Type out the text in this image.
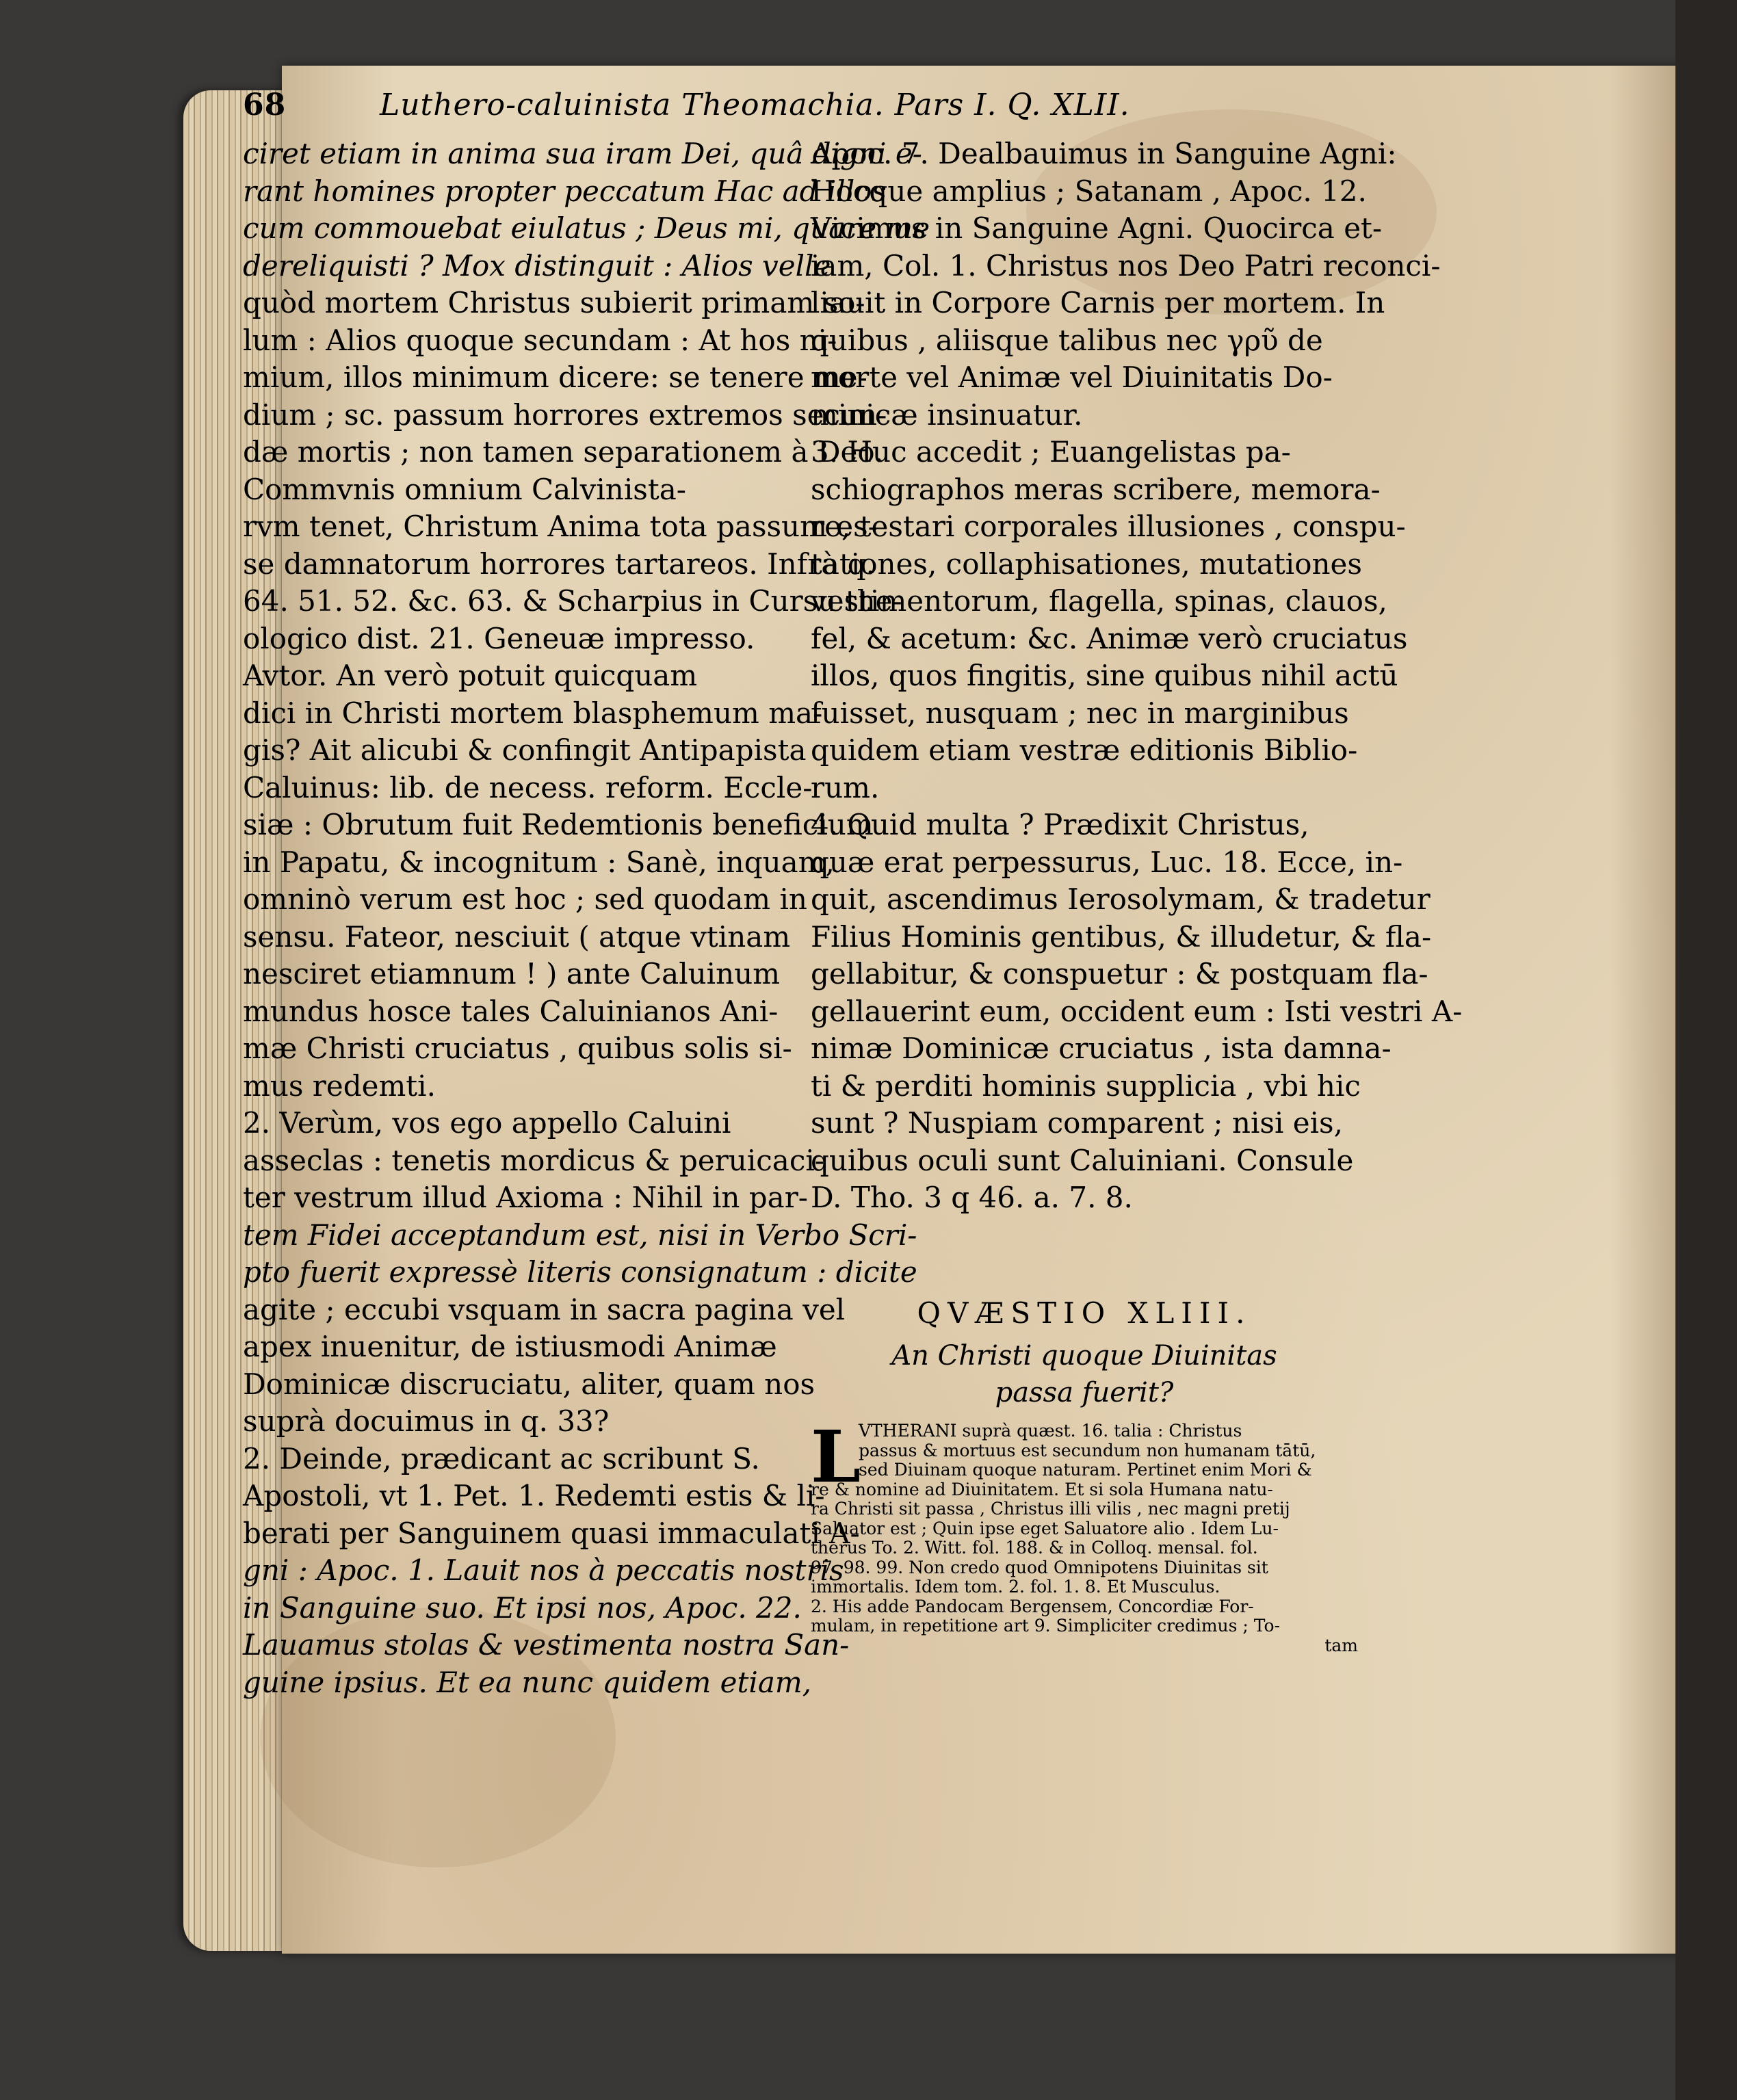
68	Luthero-caluinista Theomachia. Pars I. Q. XLII.
ciret etiam in anima sua iram Dei, quâ digni e-
rant homines propter peccatum Hac ad illos
cum commouebat eiulatus ; Deus mi, quare me
dereliquisti ? Mox distinguit : Alios velle
quòd mortem Christus subierit primam so-
lum : Alios quoque secundam : At hos ni-
mium, illos minimum dicere: se tenere me-
dium ; sc. passum horrores extremos secun-
dæ mortis ; non tamen separationem à Deo.
Commvnis omnium Calvinista-
rvm tenet, Christum Anima tota passum es-
se damnatorum horrores tartareos. Infrà q.
64. 51. 52. &c. 63. & Scharpius in Cursu the-
ologico dist. 21. Geneuæ impresso.
Avtor. An verò potuit quicquam
dici in Christi mortem blasphemum ma-
gis? Ait alicubi & confingit Antipapista
Caluinus: lib. de necess. reform. Eccle-
siæ : Obrutum fuit Redemtionis beneficium
in Papatu, & incognitum : Sanè, inquam,
omninò verum est hoc ; sed quodam in
sensu. Fateor, nesciuit ( atque vtinam
nesciret etiamnum ! ) ante Caluinum
mundus hosce tales Caluinianos Ani-
mæ Christi cruciatus , quibus solis si-
mus redemti.
2. Verùm, vos ego appello Caluini
asseclas : tenetis mordicus & peruicaci-
ter vestrum illud Axioma : Nihil in par-
tem Fidei acceptandum est, nisi in Verbo Scri-
pto fuerit expressè literis consignatum : dicite
agite ; eccubi vsquam in sacra pagina vel
apex inuenitur, de istiusmodi Animæ
Dominicæ discruciatu, aliter, quam nos
suprà docuimus in q. 33?
2. Deinde, prædicant ac scribunt S.
Apostoli, vt 1. Pet. 1. Redemti estis & li-
berati per Sanguinem quasi immaculati A-
gni : Apoc. 1. Lauit nos à peccatis nostris
in Sanguine suo. Et ipsi nos, Apoc. 22.
Lauamus stolas & vestimenta nostra San-
guine ipsius. Et ea nunc quidem etiam,
Apoc. 7. Dealbauimus in Sanguine Agni:
Hocque amplius ; Satanam , Apoc. 12.
Vicimus in Sanguine Agni. Quocirca et-
iam, Col. 1. Christus nos Deo Patri reconci-
liauit in Corpore Carnis per mortem. In
quibus , aliisque talibus nec γρῦ de
morte vel Animæ vel Diuinitatis Do-
minicæ insinuatur.
3. Huc accedit ; Euangelistas pa-
schiographos meras scribere, memora-
re, testari corporales illusiones , conspu-
tationes, collaphisationes, mutationes
vestimentorum, flagella, spinas, clauos,
fel, & acetum: &c. Animæ verò cruciatus
illos, quos fingitis, sine quibus nihil actū
fuisset, nusquam ; nec in marginibus
quidem etiam vestræ editionis Biblio-
rum.
4. Quid multa ? Prædixit Christus,
quæ erat perpessurus, Luc. 18. Ecce, in-
quit, ascendimus Ierosolymam, & tradetur
Filius Hominis gentibus, & illudetur, & fla-
gellabitur, & conspuetur : & postquam fla-
gellauerint eum, occident eum : Isti vestri A-
nimæ Dominicæ cruciatus , ista damna-
ti & perditi hominis supplicia , vbi hic
sunt ? Nuspiam comparent ; nisi eis,
quibus oculi sunt Caluiniani. Consule
D. Tho. 3 q 46. a. 7. 8.
QVÆSTIO XLIII.
An Christi quoque Diuinitas
passa fuerit?
L
VTHERANI suprà quæst. 16. talia : Christus
passus & mortuus est secundum non humanam tātū,
sed Diuinam quoque naturam. Pertinet enim Mori &
re & nomine ad Diuinitatem. Et si sola Humana natu-
ra Christi sit passa , Christus illi vilis , nec magni pretij
Saluator est ; Quin ipse eget Saluatore alio . Idem Lu-
therus To. 2. Witt. fol. 188. & in Colloq. mensal. fol.
97. 98. 99. Non credo quod Omnipotens Diuinitas sit
immortalis. Idem tom. 2. fol. 1. 8. Et Musculus.
2. His adde Pandocam Bergensem, Concordiæ For-
mulam, in repetitione art 9. Simpliciter credimus ; To-
tam
